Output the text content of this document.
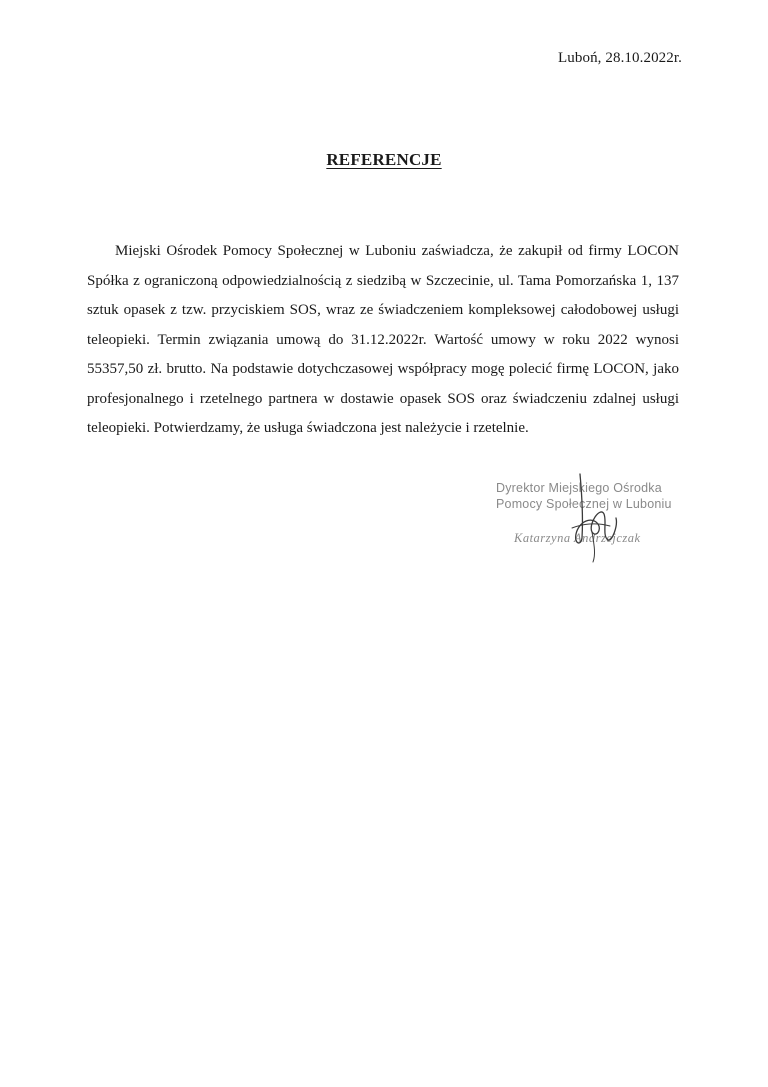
Luboń, 28.10.2022r.
REFERENCJE

Miejski Ośrodek Pomocy Społecznej w Luboniu zaświadcza, że zakupił od firmy LOCON Spółka z ograniczoną odpowiedzialnością z siedzibą w Szczecinie, ul. Tama Pomorzańska 1, 137 sztuk opasek z tzw. przyciskiem SOS, wraz ze świadczeniem kompleksowej całodobowej usługi teleopieki. Termin związania umową do 31.12.2022r. Wartość umowy w roku 2022 wynosi 55357,50 zł. brutto. Na podstawie dotychczasowej współpracy mogę polecić firmę LOCON, jako profesjonalnego i rzetelnego partnera w dostawie opasek SOS oraz świadczeniu zdalnej usługi teleopieki. Potwierdzamy, że usługa świadczona jest należycie i rzetelnie.

Dyrektor Miejskiego Ośrodka
Pomocy Społecznej w Luboniu
Katarzyna Andrzejczak
